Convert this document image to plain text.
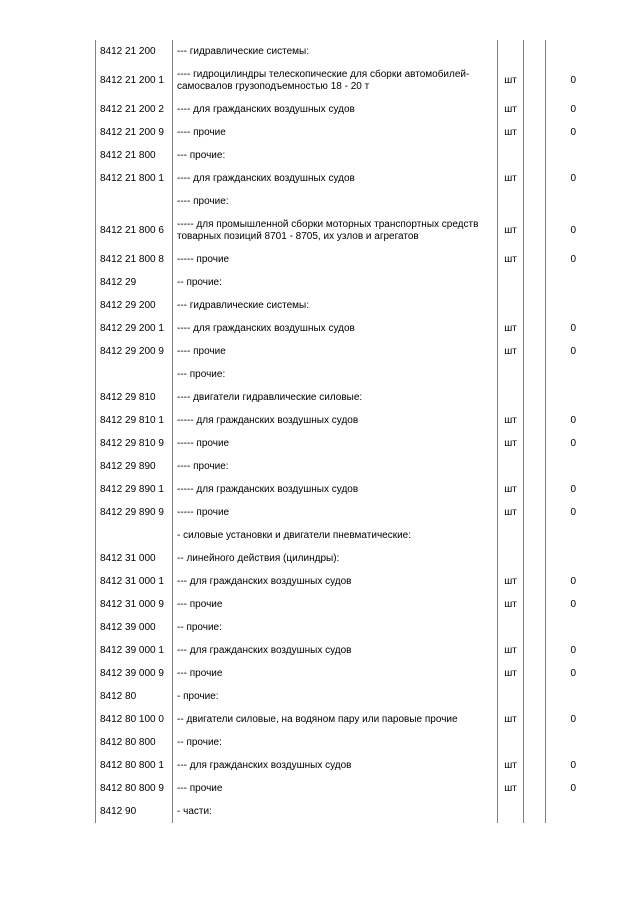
8412 21 200	--- гидравлические системы:			
8412 21 200 1	---- гидроцилиндры телескопические для сборки автомобилей-самосвалов грузоподъемностью 18 - 20 т	шт		0
8412 21 200 2	---- для гражданских воздушных судов	шт		0
8412 21 200 9	---- прочие	шт		0
8412 21 800	--- прочие:			
8412 21 800 1	---- для гражданских воздушных судов	шт		0
	---- прочие:			
8412 21 800 6	----- для промышленной сборки моторных транспортных средств товарных позиций 8701 - 8705, их узлов и агрегатов	шт		0
8412 21 800 8	----- прочие	шт		0
8412 29	-- прочие:			
8412 29 200	--- гидравлические системы:			
8412 29 200 1	---- для гражданских воздушных судов	шт		0
8412 29 200 9	---- прочие	шт		0
	--- прочие:			
8412 29 810	---- двигатели гидравлические силовые:			
8412 29 810 1	----- для гражданских воздушных судов	шт		0
8412 29 810 9	----- прочие	шт		0
8412 29 890	---- прочие:			
8412 29 890 1	----- для гражданских воздушных судов	шт		0
8412 29 890 9	----- прочие	шт		0
	- силовые установки и двигатели пневматические:			
8412 31 000	-- линейного действия (цилиндры):			
8412 31 000 1	--- для гражданских воздушных судов	шт		0
8412 31 000 9	--- прочие	шт		0
8412 39 000	-- прочие:			
8412 39 000 1	--- для гражданских воздушных судов	шт		0
8412 39 000 9	--- прочие	шт		0
8412 80	- прочие:			
8412 80 100 0	-- двигатели силовые, на водяном пару или паровые прочие	шт		0
8412 80 800	-- прочие:			
8412 80 800 1	--- для гражданских воздушных судов	шт		0
8412 80 800 9	--- прочие	шт		0
8412 90	- части:			
